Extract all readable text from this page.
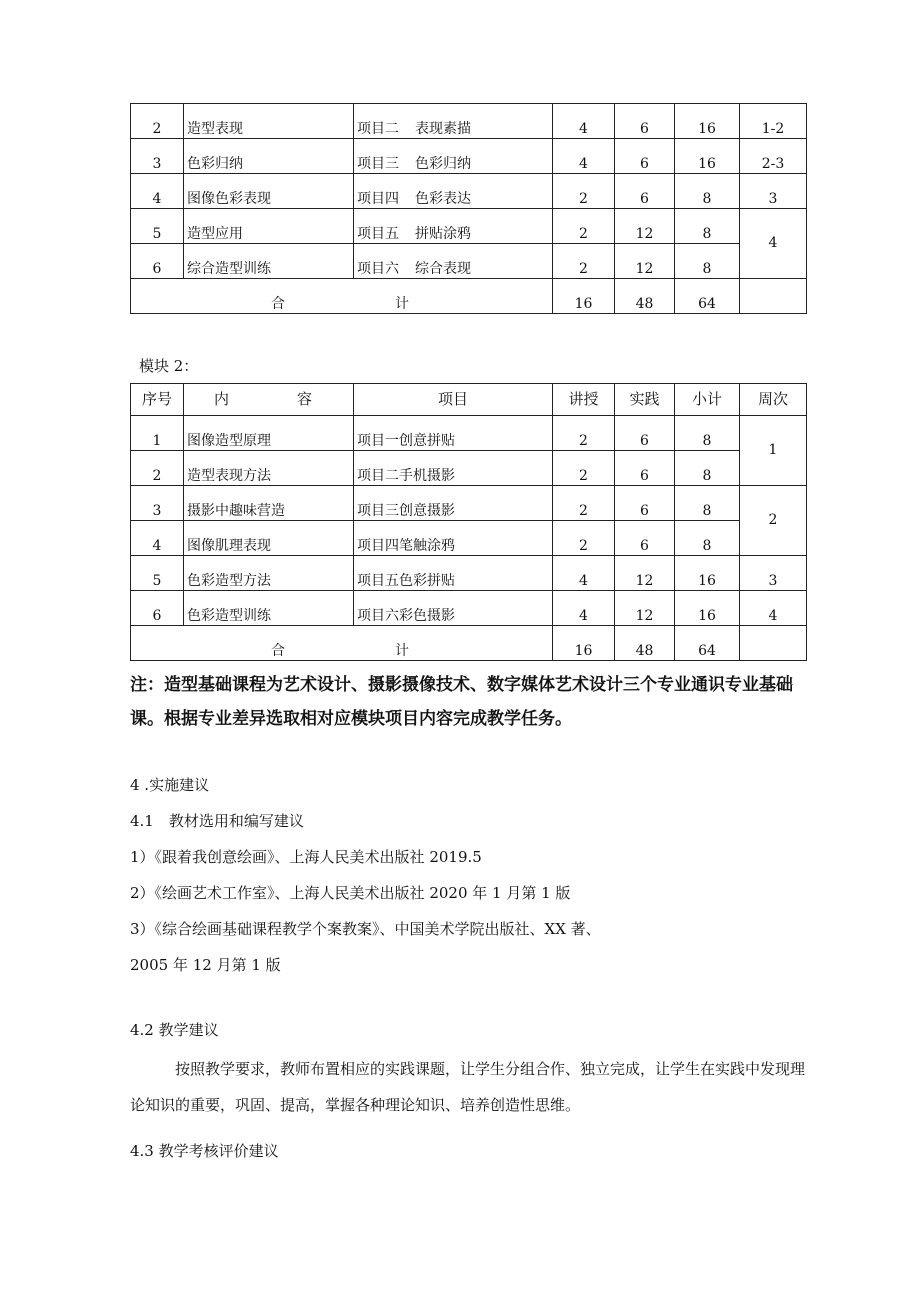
2	造型表现	项目二 表现素描	4	6	16	1-2
3	色彩归纳	项目三 色彩归纳	4	6	16	2-3
4	图像色彩表现	项目四 色彩表达	2	6	8	3
5	造型应用	项目五 拼贴涂鸦	2	12	8	4
6	综合造型训练	项目六 综合表现	2	12	8	
合 计			16	48	64	
模块 2：
序号	内 容	项目	讲授	实践	小计	周次
1	图像造型原理	项目一创意拼贴	2	6	8	1
2	造型表现方法	项目二手机摄影	2	6	8	
3	摄影中趣味营造	项目三创意摄影	2	6	8	2
4	图像肌理表现	项目四笔触涂鸦	2	6	8	
5	色彩造型方法	项目五色彩拼贴	4	12	16	3
6	色彩造型训练	项目六彩色摄影	4	12	16	4
合 计			16	48	64	
注：造型基础课程为艺术设计、摄影摄像技术、数字媒体艺术设计三个专业通识专业基础课。根据专业差异选取相对应模块项目内容完成教学任务。
4 .实施建议
4.1　教材选用和编写建议
1）《跟着我创意绘画》、上海人民美术出版社 2019.5
2）《绘画艺术工作室》、上海人民美术出版社 2020 年 1 月第 1 版
3）《综合绘画基础课程教学个案教案》、中国美术学院出版社、XX 著、
2005 年 12 月第 1 版
4.2 教学建议
按照教学要求，教师布置相应的实践课题，让学生分组合作、独立完成，让学生在实践中发现理论知识的重要，巩固、提高，掌握各种理论知识、培养创造性思维。
4.3 教学考核评价建议
